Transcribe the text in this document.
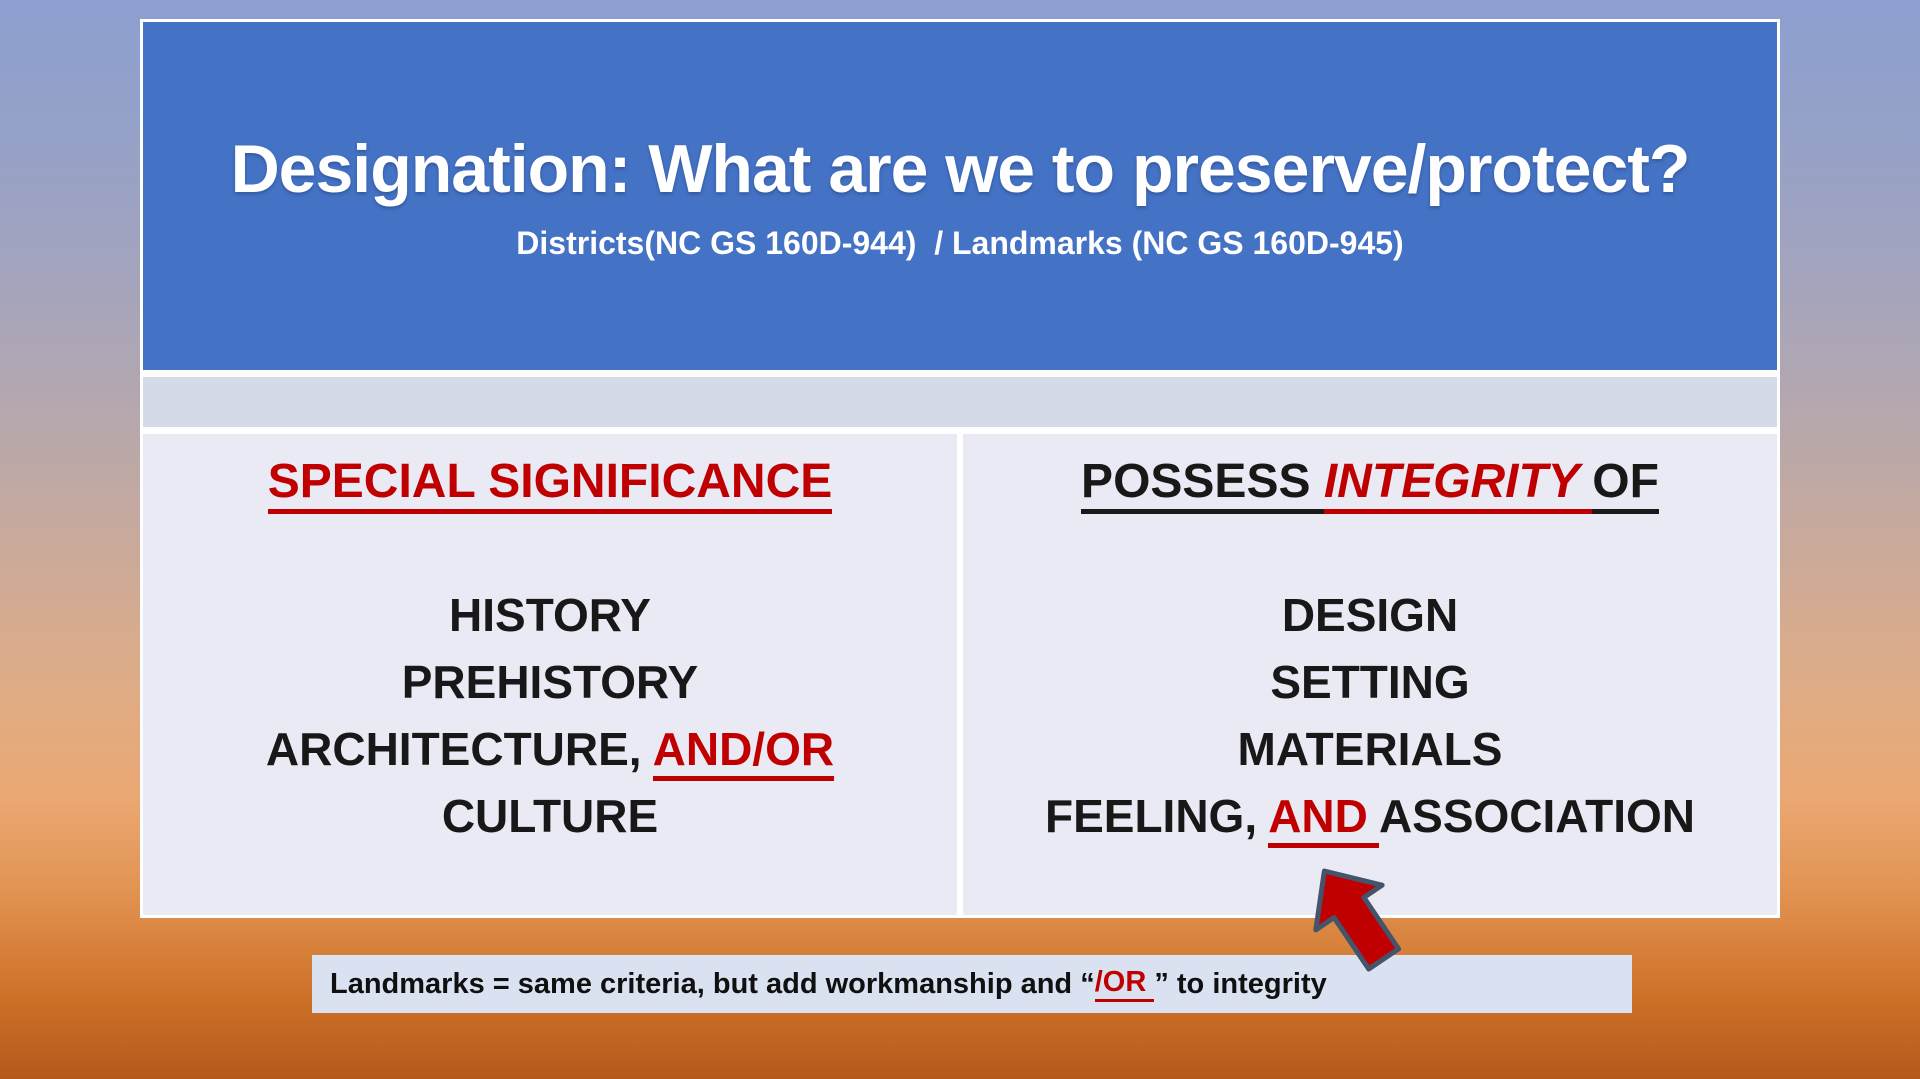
Designation: What are we to preserve/protect?
Districts(NC GS 160D-944)  / Landmarks (NC GS 160D-945)
SPECIAL SIGNIFICANCE
HISTORY
PREHISTORY
ARCHITECTURE, AND/OR
CULTURE
POSSESS INTEGRITY OF
DESIGN
SETTING
MATERIALS
FEELING, AND ASSOCIATION
Landmarks = same criteria, but add workmanship and “ /OR ” to integrity
